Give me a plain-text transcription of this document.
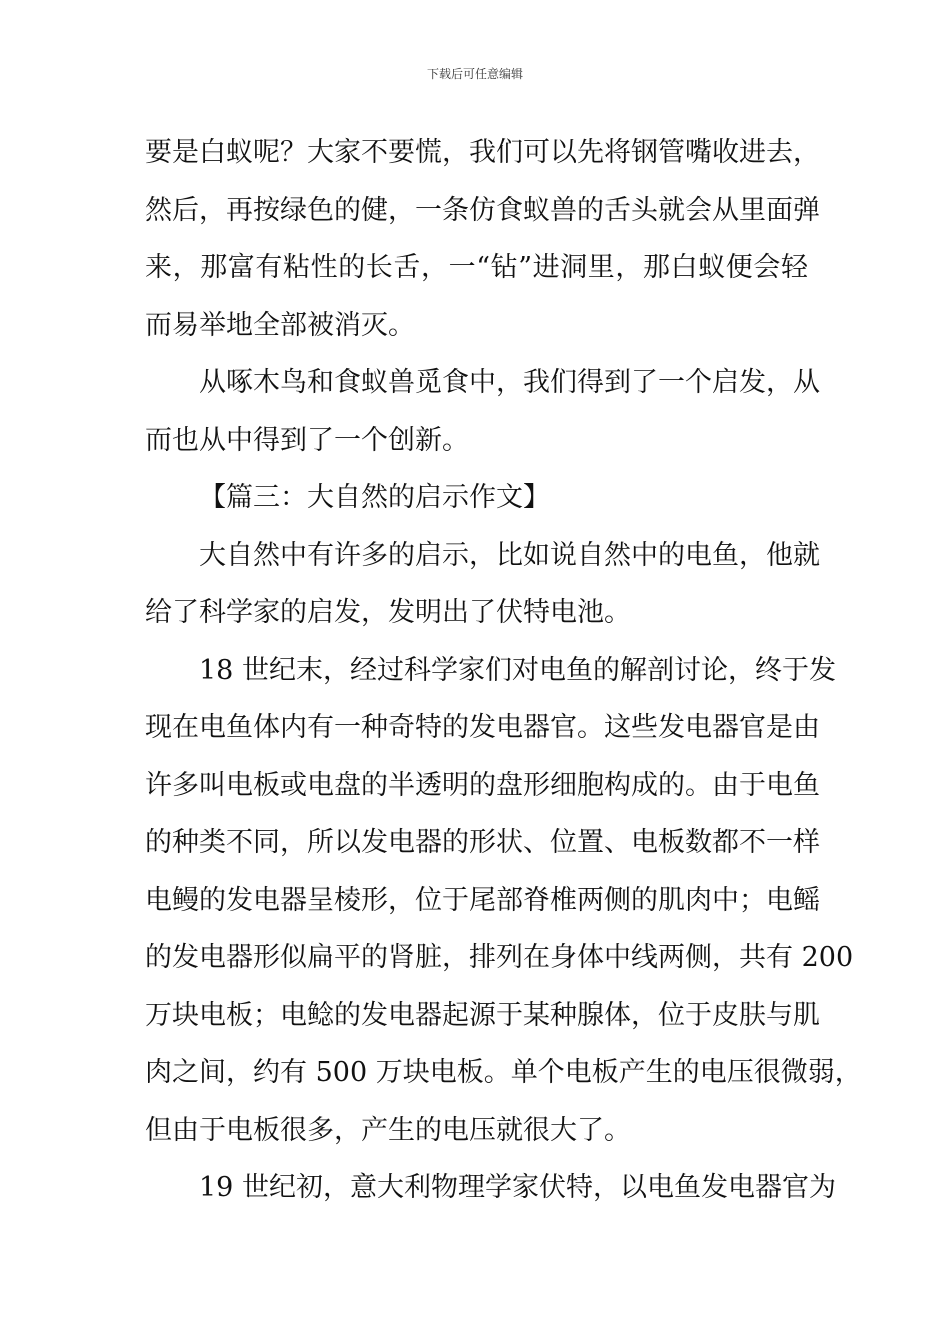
下载后可任意编辑
要是白蚁呢？大家不要慌，我们可以先将钢管嘴收进去，
然后，再按绿色的健，一条仿食蚁兽的舌头就会从里面弹
来，那富有粘性的长舌，一“钻”进洞里，那白蚁便会轻
而易举地全部被消灭。
从啄木鸟和食蚁兽觅食中，我们得到了一个启发，从
而也从中得到了一个创新。
【篇三：大自然的启示作文】
大自然中有许多的启示，比如说自然中的电鱼，他就
给了科学家的启发，发明出了伏特电池。
18 世纪末，经过科学家们对电鱼的解剖讨论，终于发
现在电鱼体内有一种奇特的发电器官。这些发电器官是由
许多叫电板或电盘的半透明的盘形细胞构成的。由于电鱼
的种类不同，所以发电器的形状、位置、电板数都不一样
电鳗的发电器呈棱形，位于尾部脊椎两侧的肌肉中；电鳐
的发电器形似扁平的肾脏，排列在身体中线两侧，共有 200
万块电板；电鲶的发电器起源于某种腺体，位于皮肤与肌
肉之间，约有 500 万块电板。单个电板产生的电压很微弱，
但由于电板很多，产生的电压就很大了。
19 世纪初，意大利物理学家伏特，以电鱼发电器官为
